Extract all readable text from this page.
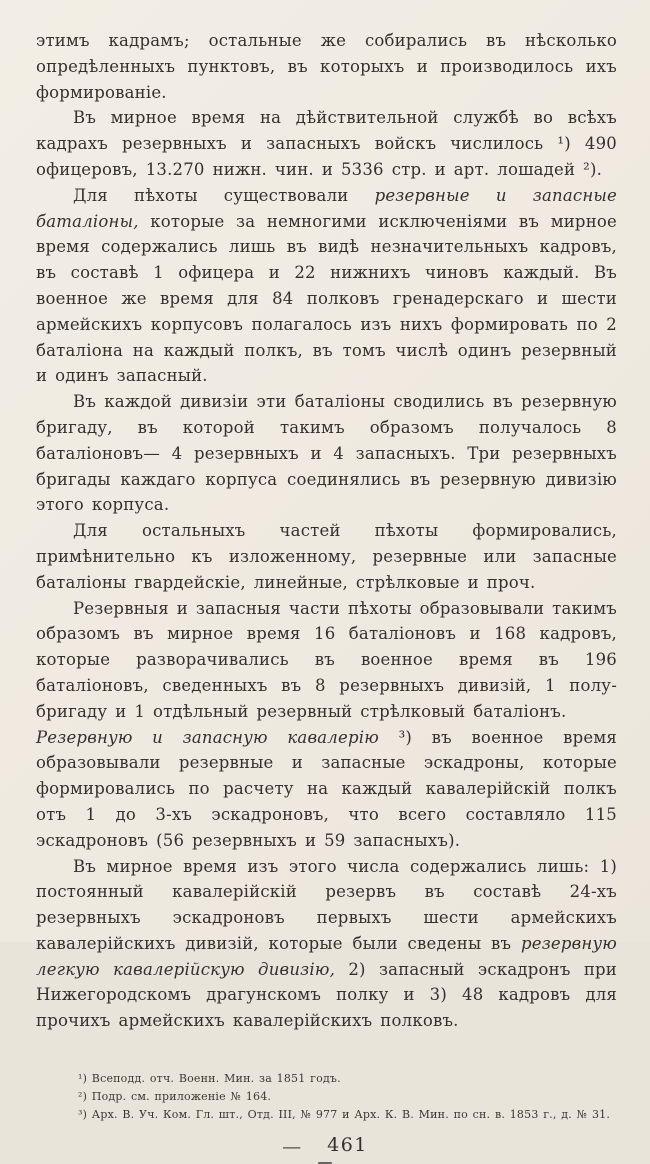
этимъ кадрамъ; остальные же собирались въ нѣсколько опредѣленныхъ пунктовъ, въ которыхъ и производилось ихъ формированіе.

Въ мирное время на дѣйствительной службѣ во всѣхъ кадрахъ резервныхъ и запасныхъ войскъ числилось ¹) 490 офицеровъ, 13.270 нижн. чин. и 5336 стр. и арт. лошадей ²).

Для пѣхоты существовали резервные и запасные баталіоны, которые за немногими исключеніями въ мирное время содержались лишь въ видѣ незначительныхъ кадровъ, въ составѣ 1 офицера и 22 нижнихъ чиновъ каждый. Въ военное же время для 84 полковъ гренадерскаго и шести армейскихъ корпусовъ полагалось изъ нихъ формировать по 2 баталіона на каждый полкъ, въ томъ числѣ одинъ резервный и одинъ запасный.

Въ каждой дивизіи эти баталіоны сводились въ резервную бригаду, въ которой такимъ образомъ получалось 8 баталіоновъ— 4 резервныхъ и 4 запасныхъ. Три резервныхъ бригады каждаго корпуса соединялись въ резервную дивизію этого корпуса.

Для остальныхъ частей пѣхоты формировались, примѣнительно къ изложенному, резервные или запасные баталіоны гвардейскіе, линейные, стрѣлковые и проч.

Резервныя и запасныя части пѣхоты образовывали такимъ образомъ въ мирное время 16 баталіоновъ и 168 кадровъ, которые разворачивались въ военное время въ 196 баталіоновъ, сведенныхъ въ 8 резервныхъ дивизій, 1 полу-бригаду и 1 отдѣльный резервный стрѣлковый баталіонъ.

Резервную и запасную кавалерію ³) въ военное время образовывали резервные и запасные эскадроны, которые формировались по расчету на каждый кавалерійскій полкъ отъ 1 до 3-хъ эскадроновъ, что всего составляло 115 эскадроновъ (56 резервныхъ и 59 запасныхъ).

Въ мирное время изъ этого числа содержались лишь: 1) постоянный кавалерійскій резервъ въ составѣ 24-хъ резервныхъ эскадроновъ первыхъ шести армейскихъ кавалерійскихъ дивизій, которые были сведены въ резервную легкую кавалерійскую дивизію, 2) запасный эскадронъ при Нижегородскомъ драгунскомъ полку и 3) 48 кадровъ для прочихъ армейскихъ кавалерійскихъ полковъ.

¹) Всеподд. отч. Военн. Мин. за 1851 годъ.

²) Подр. см. приложеніе № 164.

³) Арх. В. Уч. Ком. Гл. шт., Отд. III, № 977 и Арх. К. В. Мин. по сн. в. 1853 г., д. № 31.

— 461
